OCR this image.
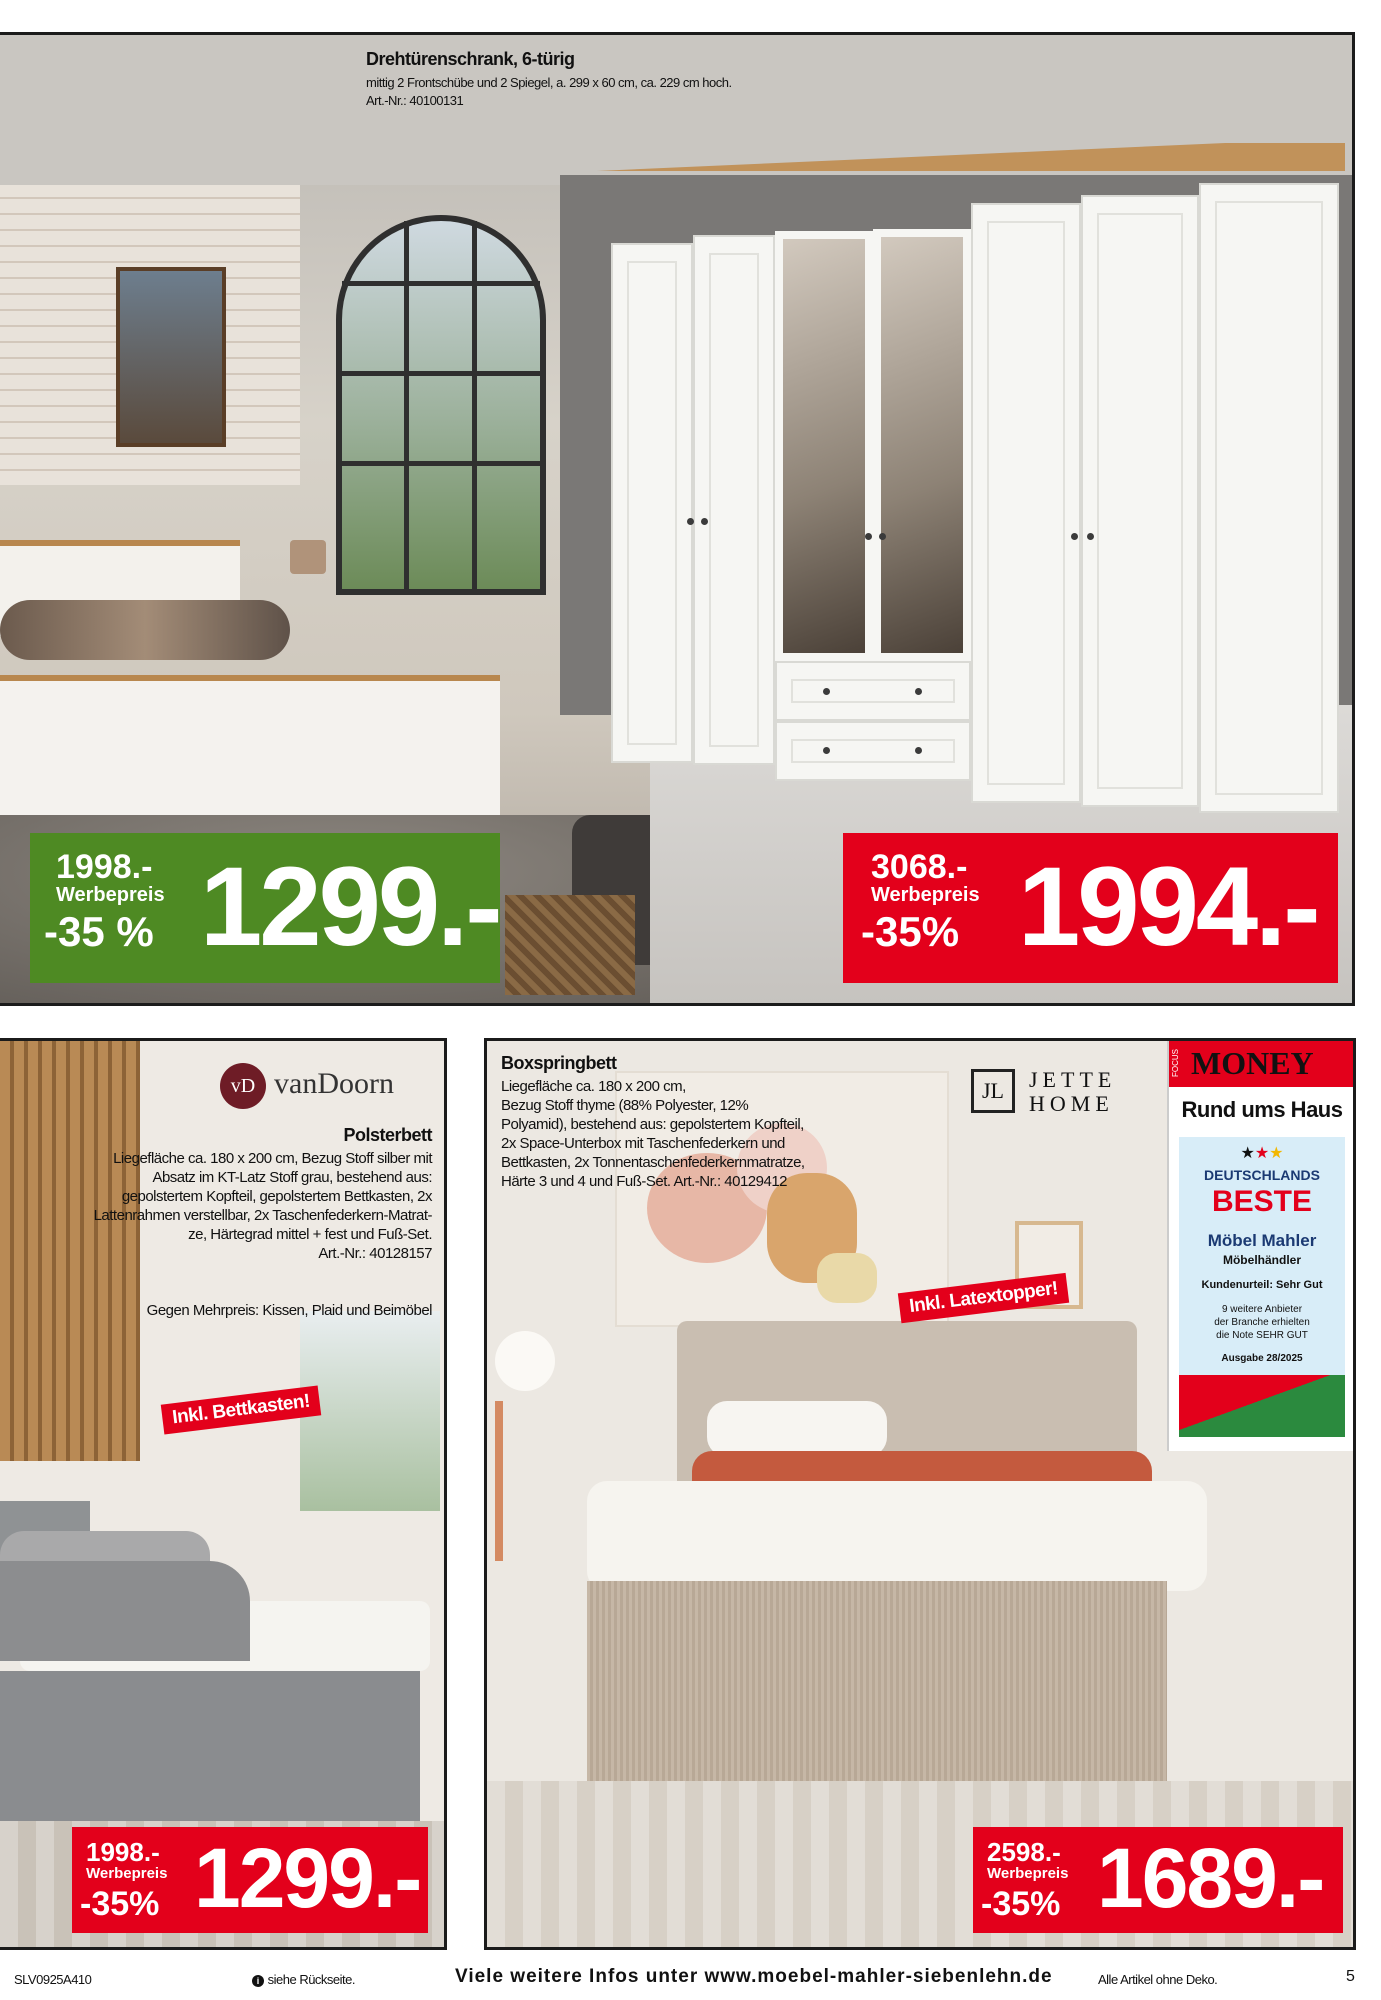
Drehtürenschrank, 6-türig
mittig 2 Frontschübe und 2 Spiegel, a. 299 x 60 cm, ca. 229 cm hoch.
Art.-Nr.: 40100131
1998.-
Werbepreis
-35 % 1299.-	3068.-
Werbepreis
-35% 1994.-
vD vanDoorn
Polsterbett
Liegefläche ca. 180 x 200 cm, Bezug Stoff silber mit
Absatz im KT-Latz Stoff grau, bestehend aus:
gepolstertem Kopfteil, gepolstertem Bettkasten, 2x
Lattenrahmen verstellbar, 2x Taschenfederkern-Matrat-
ze, Härtegrad mittel + fest und Fuß-Set.
Art.-Nr.: 40128157
Gegen Mehrpreis: Kissen, Plaid und Beimöbel
Inkl. Bettkasten!
1998.-
Werbepreis
-35% 1299.-
Boxspringbett
Liegefläche ca. 180 x 200 cm,
Bezug Stoff thyme (88% Polyester, 12%
Polyamid), bestehend aus: gepolstertem Kopfteil,
2x Space-Unterbox mit Taschenfederkern und
Bettkasten, 2x Tonnentaschenfederkernmatratze,
Härte 3 und 4 und Fuß-Set. Art.-Nr.: 40129412
JL	JETTE
HOME
Inkl. Latextopper!
FOCUS MONEY
Rund ums Haus
★★★
DEUTSCHLANDS
BESTE
Möbel Mahler
Möbelhändler
Kundenurteil: Sehr Gut
9 weitere Anbieter
der Branche erhielten
die Note SEHR GUT
Ausgabe 28/2025
2598.-
Werbepreis
-35% 1689.-
SLV0925A410	i siehe Rückseite.	Viele weitere Infos unter www.moebel-mahler-siebenlehn.de	Alle Artikel ohne Deko.	5
